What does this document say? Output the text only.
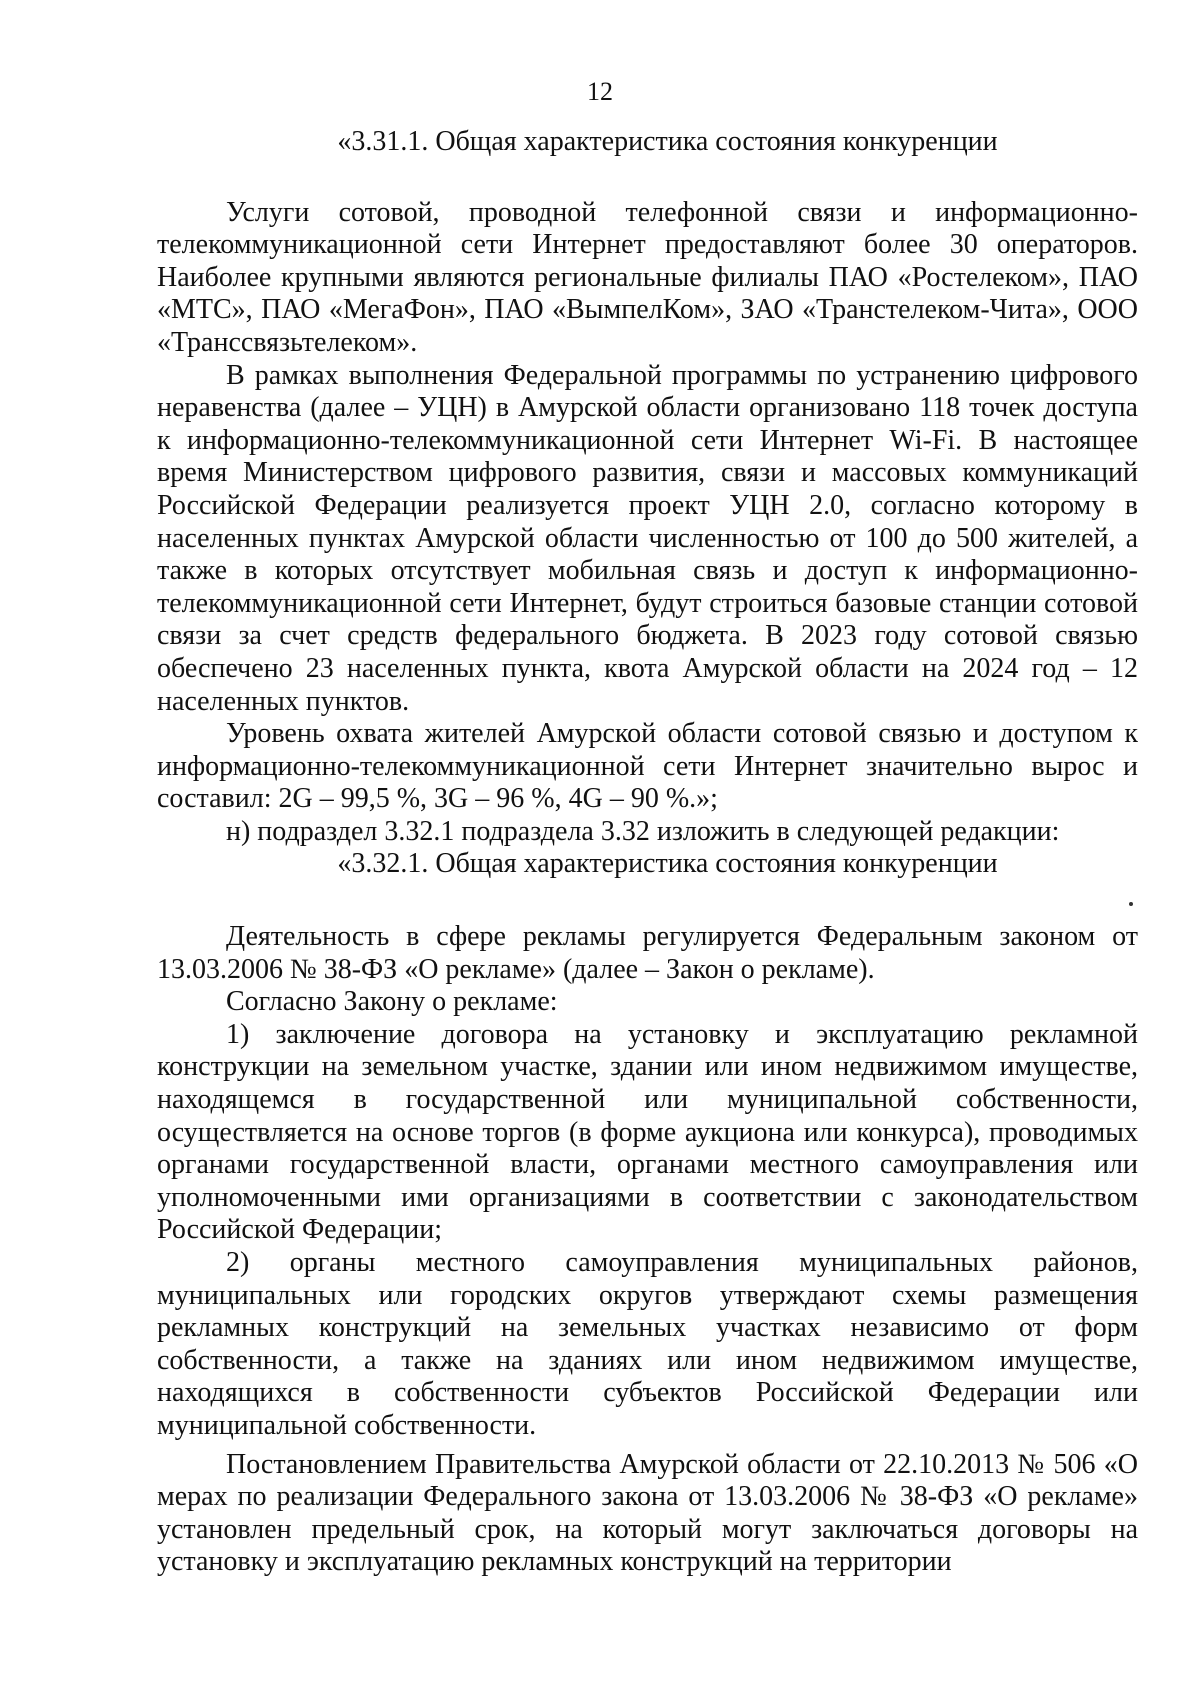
12

«3.31.1. Общая характеристика состояния конкуренции

Услуги сотовой, проводной телефонной связи и информационно-телекоммуникационной сети Интернет предоставляют более 30 операторов. Наиболее крупными являются региональные филиалы ПАО «Ростелеком», ПАО «МТС», ПАО «МегаФон», ПАО «ВымпелКом», ЗАО «Транстелеком-Чита», ООО «Транссвязьтелеком».

В рамках выполнения Федеральной программы по устранению цифрового неравенства (далее – УЦН) в Амурской области организовано 118 точек доступа к информационно-телекоммуникационной сети Интернет Wi-Fi. В настоящее время Министерством цифрового развития, связи и массовых коммуникаций Российской Федерации реализуется проект УЦН 2.0, согласно которому в населенных пунктах Амурской области численностью от 100 до 500 жителей, а также в которых отсутствует мобильная связь и доступ к информационно-телекоммуникационной сети Интернет, будут строиться базовые станции сотовой связи за счет средств федерального бюджета. В 2023 году сотовой связью обеспечено 23 населенных пункта, квота Амурской области на 2024 год – 12 населенных пунктов.

Уровень охвата жителей Амурской области сотовой связью и доступом к информационно-телекоммуникационной сети Интернет значительно вырос и составил: 2G – 99,5 %, 3G – 96 %, 4G – 90 %.»;

н) подраздел 3.32.1 подраздела 3.32 изложить в следующей редакции:

«3.32.1. Общая характеристика состояния конкуренции

Деятельность в сфере рекламы регулируется Федеральным законом от 13.03.2006 № 38-ФЗ «О рекламе» (далее – Закон о рекламе).

Согласно Закону о рекламе:

1) заключение договора на установку и эксплуатацию рекламной конструкции на земельном участке, здании или ином недвижимом имуществе, находящемся в государственной или муниципальной собственности, осуществляется на основе торгов (в форме аукциона или конкурса), проводимых органами государственной власти, органами местного самоуправления или уполномоченными ими организациями в соответствии с законодательством Российской Федерации;

2) органы местного самоуправления муниципальных районов, муниципальных или городских округов утверждают схемы размещения рекламных конструкций на земельных участках независимо от форм собственности, а также на зданиях или ином недвижимом имуществе, находящихся в собственности субъектов Российской Федерации или муниципальной собственности.

Постановлением Правительства Амурской области от 22.10.2013 № 506 «О мерах по реализации Федерального закона от 13.03.2006 № 38-ФЗ «О рекламе» установлен предельный срок, на который могут заключаться договоры на установку и эксплуатацию рекламных конструкций на территории
